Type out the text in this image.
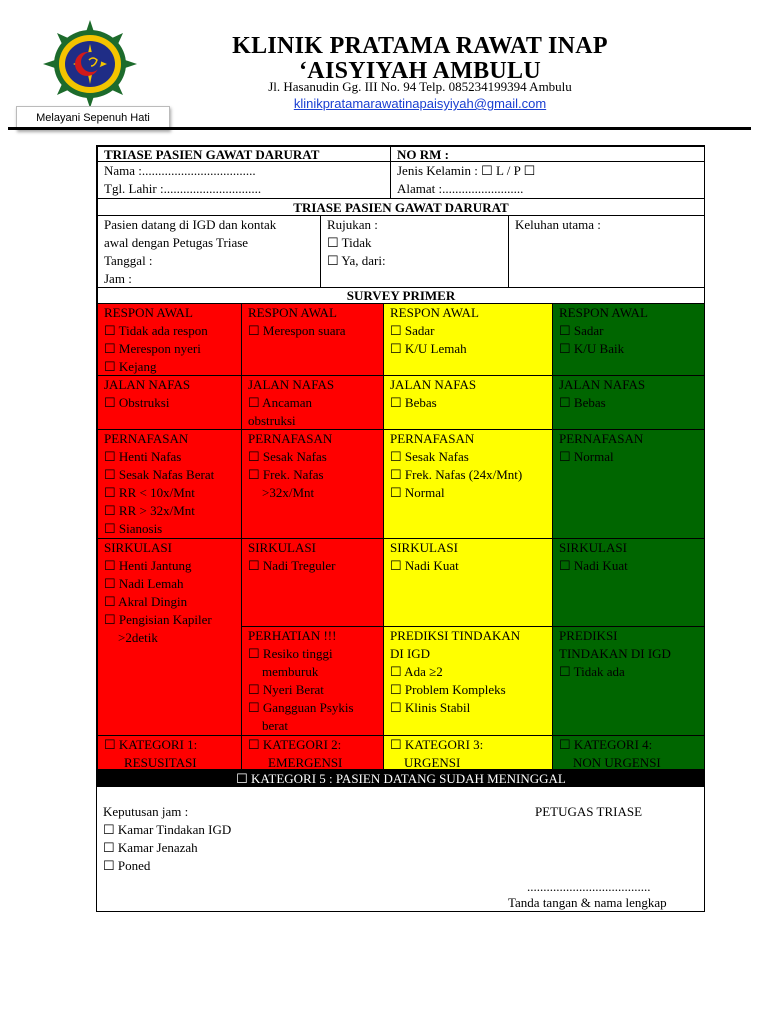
Melayani Sepenuh Hati
KLINIK PRATAMA RAWAT INAP
‘AISYIYAH AMBULU
Jl. Hasanudin Gg. III No. 94 Telp. 085234199394 Ambulu
klinikpratamarawatinapaisyiyah@gmail.com
TRIASE PASIEN GAWAT DARURAT	NO RM :
Nama :...................................
Tgl. Lahir :..............................
Jenis Kelamin : ☐ L / P ☐
Alamat :.........................
TRIASE PASIEN GAWAT DARURAT
Pasien datang di IGD dan kontak
awal dengan Petugas Triase
Tanggal :
Jam :
Rujukan :
☐ Tidak
☐ Ya, dari:
Keluhan utama :
SURVEY PRIMER
RESPON AWAL
☐ Tidak ada respon
☐ Merespon nyeri
☐ Kejang
RESPON AWAL
☐ Merespon suara
RESPON AWAL
☐ Sadar
☐ K/U Lemah
RESPON AWAL
☐ Sadar
☐ K/U Baik
JALAN NAFAS
☐ Obstruksi
JALAN NAFAS
☐ Ancaman
obstruksi
JALAN NAFAS
☐ Bebas
JALAN NAFAS
☐ Bebas
PERNAFASAN
☐ Henti Nafas
☐ Sesak Nafas Berat
☐ RR < 10x/Mnt
☐ RR > 32x/Mnt
☐ Sianosis
PERNAFASAN
☐ Sesak Nafas
☐ Frek. Nafas
>32x/Mnt
PERNAFASAN
☐ Sesak Nafas
☐ Frek. Nafas (24x/Mnt)
☐ Normal
PERNAFASAN
☐ Normal
SIRKULASI
☐ Henti Jantung
☐ Nadi Lemah
☐ Akral Dingin
☐ Pengisian Kapiler
>2detik
SIRKULASI
☐ Nadi Treguler
SIRKULASI
☐ Nadi Kuat
SIRKULASI
☐ Nadi Kuat
PERHATIAN !!!
☐ Resiko tinggi
memburuk
☐ Nyeri Berat
☐ Gangguan Psykis
berat
PREDIKSI TINDAKAN
DI IGD
☐ Ada ≥2
☐ Problem Kompleks
☐ Klinis Stabil
PREDIKSI
TINDAKAN DI IGD
☐ Tidak ada
☐ KATEGORI 1:
RESUSITASI
☐ KATEGORI 2:
EMERGENSI
☐ KATEGORI 3:
URGENSI
☐ KATEGORI 4:
NON URGENSI
☐ KATEGORI 5 : PASIEN DATANG SUDAH MENINGGAL
Keputusan jam :
☐ Kamar Tindakan IGD
☐ Kamar Jenazah
☐ Poned
PETUGAS TRIASE
......................................
Tanda tangan & nama lengkap
